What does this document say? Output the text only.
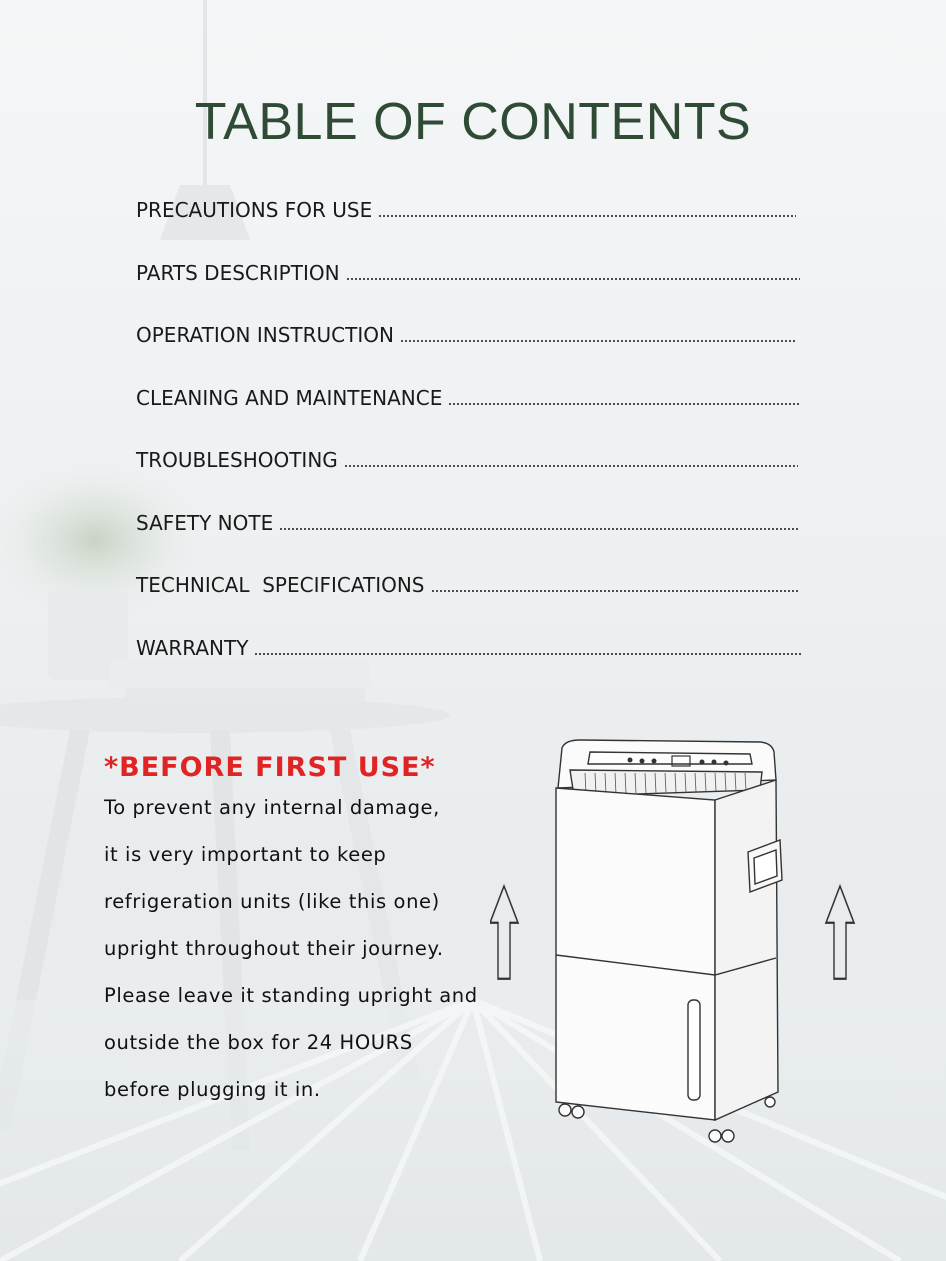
TABLE OF CONTENTS
PRECAUTIONS FOR USE
PARTS DESCRIPTION
OPERATION INSTRUCTION
CLEANING AND MAINTENANCE
TROUBLESHOOTING
SAFETY NOTE
TECHNICAL  SPECIFICATIONS
WARRANTY
*BEFORE FIRST USE*
To prevent any internal damage,
it is very important to keep
refrigeration units (like this one)
upright throughout their journey.
Please leave it standing upright and
outside the box for 24 HOURS
before plugging it in.
